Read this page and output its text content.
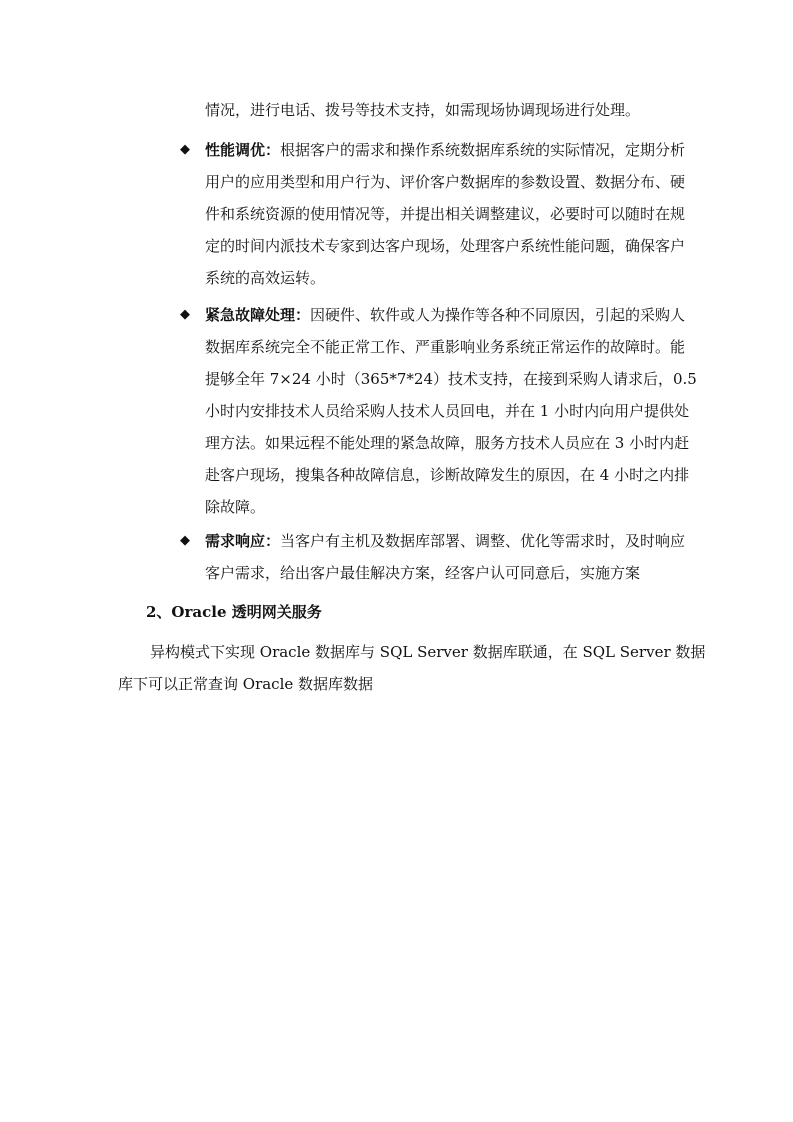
情况，进行电话、拨号等技术支持，如需现场协调现场进行处理。

◆ 性能调优：根据客户的需求和操作系统数据库系统的实际情况，定期分析
用户的应用类型和用户行为、评价客户数据库的参数设置、数据分布、硬
件和系统资源的使用情况等，并提出相关调整建议，必要时可以随时在规
定的时间内派技术专家到达客户现场，处理客户系统性能问题，确保客户
系统的高效运转。
◆ 紧急故障处理：因硬件、软件或人为操作等各种不同原因，引起的采购人
数据库系统完全不能正常工作、严重影响业务系统正常运作的故障时。能
提够全年 7×24 小时（365*7*24）技术支持，在接到采购人请求后，0.5
小时内安排技术人员给采购人技术人员回电，并在 1 小时内向用户提供处
理方法。如果远程不能处理的紧急故障，服务方技术人员应在 3 小时内赶
赴客户现场，搜集各种故障信息，诊断故障发生的原因，在 4 小时之内排
除故障。
◆ 需求响应：当客户有主机及数据库部署、调整、优化等需求时，及时响应
客户需求，给出客户最佳解决方案，经客户认可同意后，实施方案

2、Oracle 透明网关服务

异构模式下实现 Oracle 数据库与 SQL Server 数据库联通，在 SQL Server 数据
库下可以正常查询 Oracle 数据库数据
